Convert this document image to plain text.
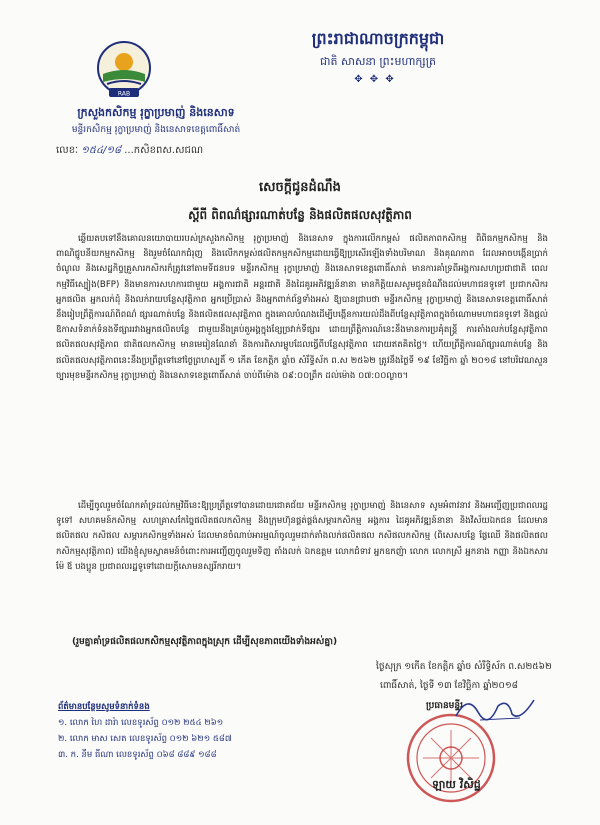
ព្រះរាជាណាចក្រកម្ពុជា
ជាតិ សាសនា ព្រះមហាក្សត្រ
✥ ✥ ✥
RAB
ក្រសួងកសិកម្ម រុក្ខាប្រមាញ់ និងនេសាទ
មន្ទីរកសិកម្ម រុក្ខាប្រមាញ់ និងនេសាទខេត្តពោធិ៍សាត់
លេខៈ ១៥៤/១៨ ...កសិខពស.សជណ
សេចក្តីជូនដំណឹង
ស្តីពី ពិពណ៌ផ្សារណាត់បន្លែ និងផលិតផលសុវត្ថិភាព
ឆ្លើយតបទៅនឹងគោលនយោបាយរបស់ក្រសួងកសិកម្ម រុក្ខាប្រមាញ់ និងនេសាទ ក្នុងការលើកកម្ពស់ ផលិតភាពកសិកម្ម ពិពិធកម្មកសិកម្ម និងពាណិជ្ជូបនីយកម្មកសិកម្ម និងរួមចំណែកជំរុញ និងលើកកម្ពស់ផលិតកម្មកសិកម្មដោយធ្វើឱ្យប្រសើរឡើងទាំងបរិមាណ និងគុណភាព ដែលអាចបង្កើនប្រាក់ចំណូល និងសេដ្ឋកិច្ចគ្រួសារកសិករក៏ត្រូវនៅតាមទីជនបទ មន្ទីរកសិកម្ម រុក្ខាប្រមាញ់ និងនេសាទខេត្តពោធិ៍សាត់ មានការគាំទ្រពីអង្គការសហប្រជាជាតិ ពេលកម្មវិធីស្បៀង(BFP) និងមានការសហការជាមួយ អង្គការជាតិ អន្តរជាតិ និងដៃគូរអភិវឌ្ឍន៍នានា មានកិត្តិយសសូមជូនដំណឹងដល់មហាជនទូទៅ ប្រជាកសិករ អ្នកផលិត អ្នកលក់ដុំ និងលក់រាយបន្លែសុវត្ថិភាព អ្នកប្រើប្រាស់ និងអ្នកពាក់ព័ន្ធទាំងអស់ ឱ្យបានជ្រាបថា មន្ទីរកសិកម្ម រុក្ខាប្រមាញ់ និងនេសាទខេត្តពោធិ៍សាត់នឹងរៀបព្រឹត្តិការណ៍ពិពណ៌ ផ្សារណាត់បន្លែ និងផលិតផលសុវត្ថិភាព ក្នុងគោលបំណងដើម្បីបង្កើនការយល់ដឹងពីបន្លែសុវត្ថិភាពក្នុងចំណោមមហាជនទូទៅ និងផ្តល់ឱកាសទំនាក់ទំនងទីផ្សាររវាងអ្នកផលិតបន្លែ ជាមួយនឹងគ្រប់តួអង្គក្នុងខ្សែច្រវាក់ទីផ្សារ ដោយព្រឹត្តិការណ៍នេះនឹងមានការប្រគុំតន្ត្រី ការតាំងលក់បន្លែសុវត្ថិភាព ផលិតផលសុវត្ថិភាព ជាតិផលកសិកម្ម មានមេរៀនណែនាំ និងការពិសារម្ហូបដែលធ្វើពីបន្លែសុវត្ថិភាព ដោយឥតគិតថ្លៃ។ ហើយព្រឹត្តិការណ៍ផ្សារណាត់បន្លែ និងផលិតផលសុវត្ថិភាពនេះនឹងប្រព្រឹត្តទៅនៅថ្ងៃព្រហស្បតិ៍ ១ កើត ខែកត្តិក ឆ្នាំច សំរឹទ្ធិស័ក ព.ស ២៥៦២ ត្រូវនឹងថ្ងៃទី ១៩ ខែវិច្ឆិកា ឆ្នាំ ២០១៨ នៅបរិវេណសួនច្បារមុខមន្ទីរកសិកម្ម រុក្ខាប្រមាញ់ និងនេសាទខេត្តពោធិ៍សាត់ ចាប់ពីម៉ោង ០៩:០០ព្រឹក ដល់ម៉ោង ០៧:០០ល្ងាច។
ដើម្បីចូលរួមចំណែកគាំទ្រដល់កម្មវិធីនេះឱ្យប្រព្រឹត្តទៅបានដោយជោគជ័យ មន្ទីរកសិកម្ម រុក្ខាប្រមាញ់ និងនេសាទ សូមអំពាវនាវ និងអញ្ជើញប្រជាពលរដ្ឋទូទៅ សហគមន៍កសិកម្ម សហគ្រាសកែច្នៃផលិតផលកសិកម្ម និងក្រុមហ៊ុនផ្គត់ផ្គង់សម្ភារកសិកម្ម អង្គការ ដៃគូអភិវឌ្ឍន៍នានា និងវិស័យឯកជន ដែលមានផលិតផល កសិផល សម្ភារកសិកម្មទាំងអស់ ដែលមានចំណាប់អារម្មណ៍ចូលរួមដាក់តាំងលក់ផលិតផល កសិផលកសិកម្ម (ពិសេសបន្លែ ផ្លែឈើ និងផលិតផលកសិកម្មសុវត្ថិភាព) យើងខ្ញុំសូមស្វាគមន៍ចំពោះការអញ្ជើញចូលរួមទិញ តាំងលក់ ឯកឧត្តម លោកជំទាវ អ្នកឧកញ៉ា លោក លោកស្រី អ្នកនាង កញ្ញា និងឯកសារ ម៉ែ ឪ បងប្អូន ប្រជាពលរដ្ឋទូទៅដោយក្តីសោមនស្សរីករាយ។
(រួមគ្នាគាំទ្រផលិតផលកសិកម្មសុវត្ថិភាពក្នុងស្រុក ដើម្បីសុខភាពយើងទាំងអស់គ្នា)
ថ្ងៃសុក្រ ១កើត ខែកត្តិក ឆ្នាំច សំរឹទ្ធិស័ក ព.ស២៥៦២
ពោធិ៍សាត់, ថ្ងៃទី ១៣ ខែវិច្ឆិកា ឆ្នាំ២០១៨
ប្រធានមន្ទីរ
ព័ត៌មានបន្ថែមសូមទំនាក់ទំនង
១. លោក ហៃ ដារ៉ា លេខទូរស័ព្ទ ០១២ ២៥៤ ២៦១
២. លោក មាស សេត លេខទូរស័ព្ទ ០១២ ៦២១ ៥៨៧
៣. ក. នីម ធីណា លេខទូរស័ព្ទ ០៦៨ ៨៨៩ ១៨៨
ឡាយ វិសិដ្ឋ
